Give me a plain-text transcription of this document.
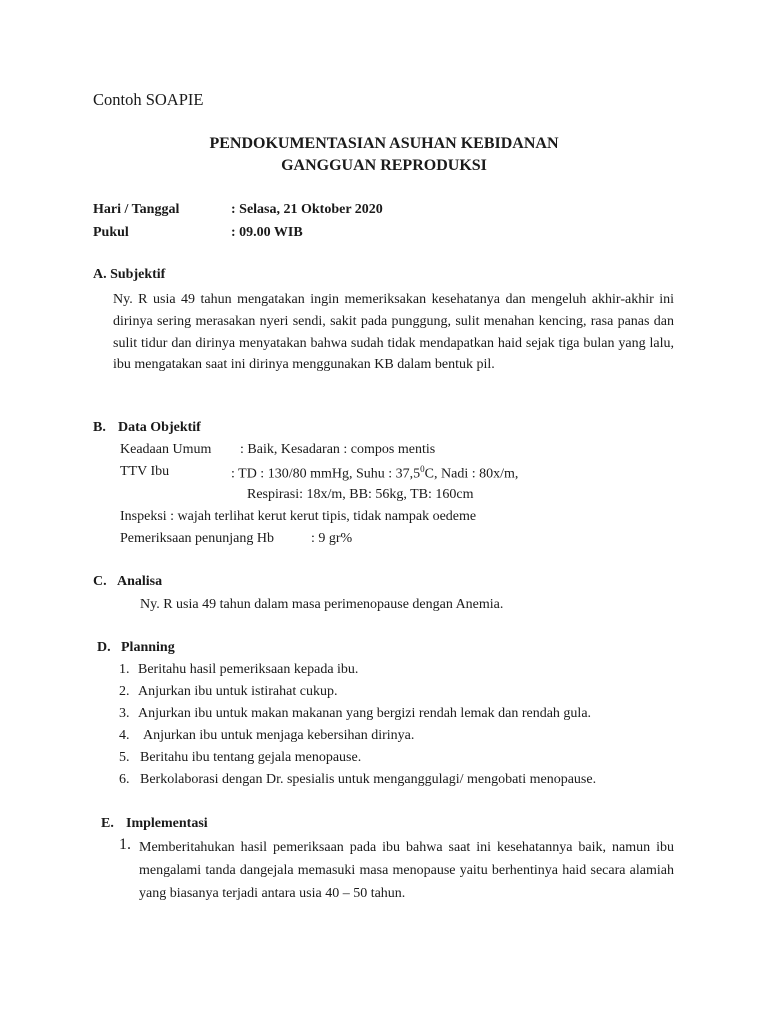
Contoh SOAPIE
PENDOKUMENTASIAN ASUHAN KEBIDANAN
GANGGUAN REPRODUKSI
Hari / Tanggal	: Selasa, 21 Oktober 2020
Pukul	: 09.00 WIB
A. Subjektif
Ny. R usia 49 tahun mengatakan ingin memeriksakan kesehatanya dan mengeluh akhir-akhir ini dirinya sering merasakan nyeri sendi, sakit pada punggung, sulit menahan kencing, rasa panas dan sulit tidur dan dirinya menyatakan bahwa sudah tidak mendapatkan haid sejak tiga bulan yang lalu, ibu mengatakan saat ini dirinya menggunakan KB dalam bentuk pil.
B. Data Objektif
Keadaan Umum : Baik, Kesadaran : compos mentis
TTV Ibu	: TD : 130/80 mmHg, Suhu : 37,5$^0$C, Nadi : 80x/m,
Respirasi: 18x/m, BB: 56kg, TB: 160cm
Inspeksi : wajah terlihat kerut kerut tipis, tidak nampak oedeme
Pemeriksaan penunjang Hb	: 9 gr%
C. Analisa
Ny. R usia 49 tahun dalam masa perimenopause dengan Anemia.
D. Planning
1. Beritahu hasil pemeriksaan kepada ibu.
2. Anjurkan ibu untuk istirahat cukup.
3. Anjurkan ibu untuk makan makanan yang bergizi rendah lemak dan rendah gula.
4. Anjurkan ibu untuk menjaga kebersihan dirinya.
5. Beritahu ibu tentang gejala menopause.
6. Berkolaborasi dengan Dr. spesialis untuk menganggulagi/ mengobati menopause.
E. Implementasi
1. Memberitahukan hasil pemeriksaan pada ibu bahwa saat ini kesehatannya baik, namun ibu mengalami tanda dangejala memasuki masa menopause yaitu berhentinya haid secara alamiah yang biasanya terjadi antara usia 40 – 50 tahun.
